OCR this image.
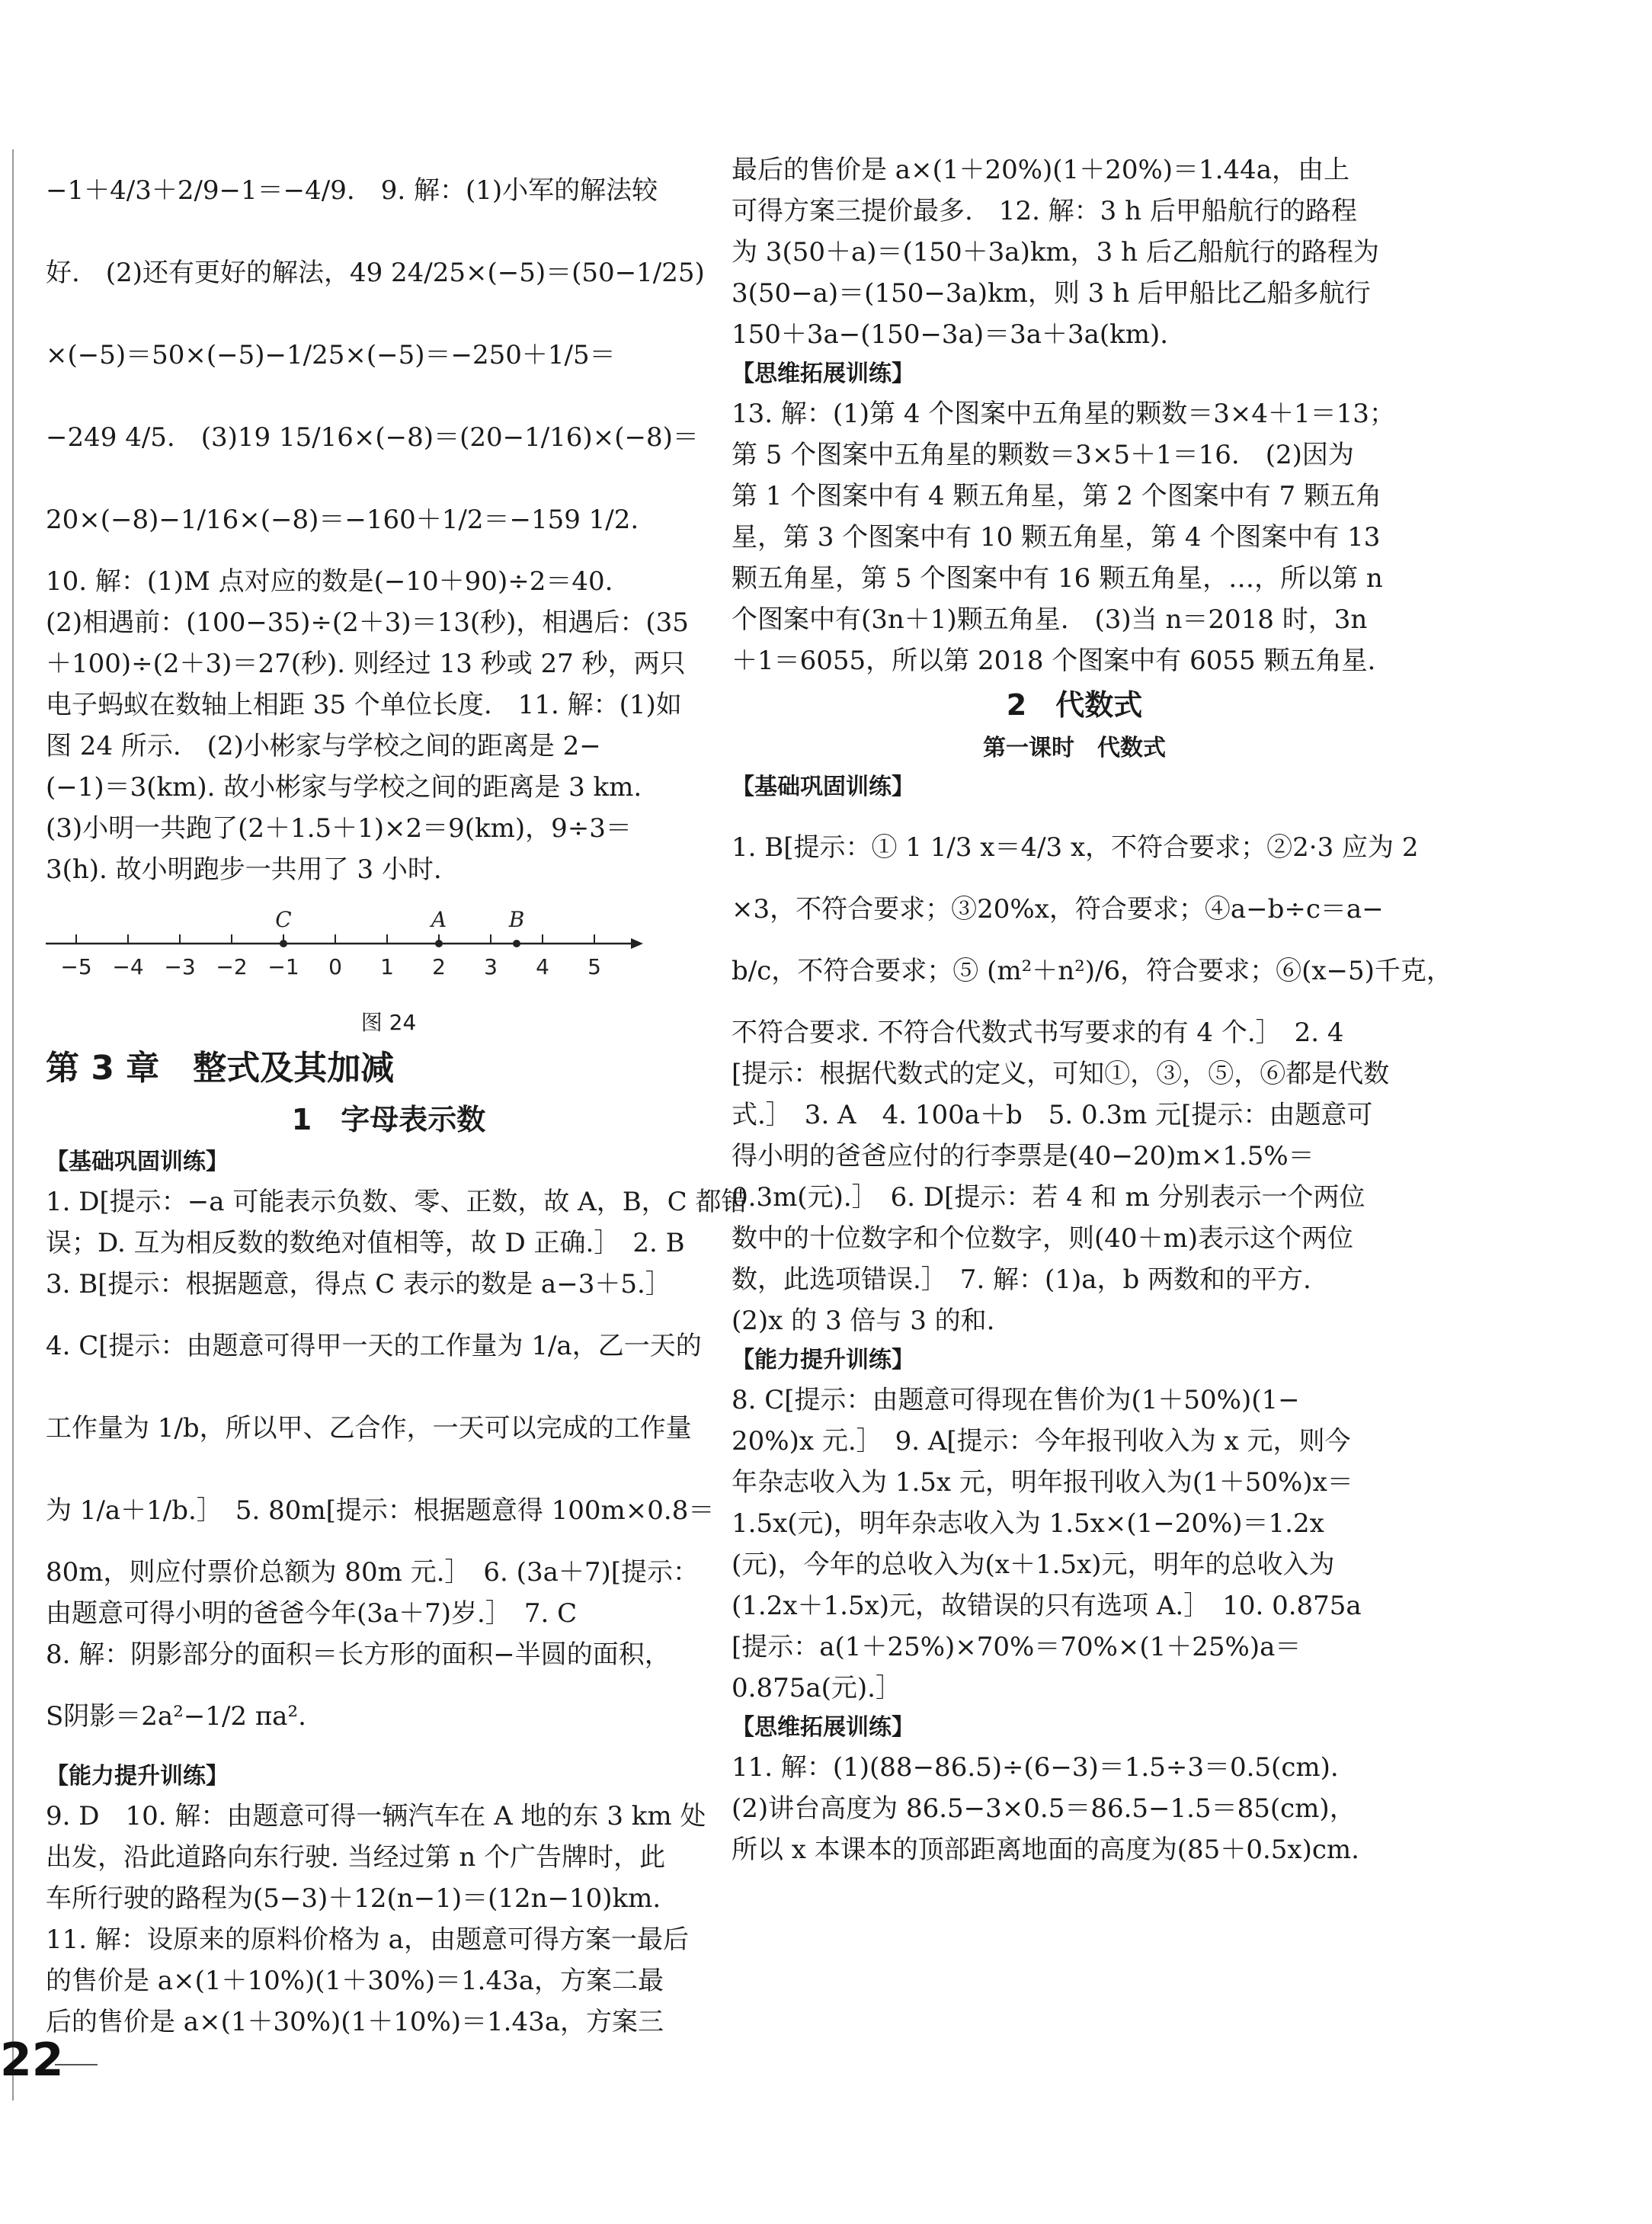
−1＋4/3＋2/9−1＝−4/9.　9. 解：(1)小军的解法较
好.　(2)还有更好的解法，49 24/25×(−5)＝(50−1/25)
×(−5)＝50×(−5)−1/25×(−5)＝−250＋1/5＝
−249 4/5.　(3)19 15/16×(−8)＝(20−1/16)×(−8)＝
20×(−8)−1/16×(−8)＝−160＋1/2＝−159 1/2.
10. 解：(1)M 点对应的数是(−10＋90)÷2＝40.
(2)相遇前：(100−35)÷(2＋3)＝13(秒)，相遇后：(35
＋100)÷(2＋3)＝27(秒). 则经过 13 秒或 27 秒，两只
电子蚂蚁在数轴上相距 35 个单位长度.　11. 解：(1)如
图 24 所示.　(2)小彬家与学校之间的距离是 2−
(−1)＝3(km). 故小彬家与学校之间的距离是 3 km.
(3)小明一共跑了(2＋1.5＋1)×2＝9(km)，9÷3＝
3(h). 故小明跑步一共用了 3 小时.
−5 −4 −3 −2 −1 0 1 2 3 4 5
C	A	B
图 24
第 3 章　整式及其加减
1　字母表示数
【基础巩固训练】
1. D[提示：−a 可能表示负数、零、正数，故 A，B，C 都错
误；D. 互为相反数的数绝对值相等，故 D 正确.］　2. B
3. B[提示：根据题意，得点 C 表示的数是 a−3＋5.］
4. C[提示：由题意可得甲一天的工作量为 1/a，乙一天的
工作量为 1/b，所以甲、乙合作，一天可以完成的工作量
为 1/a＋1/b.］　5. 80m[提示：根据题意得 100m×0.8＝
80m，则应付票价总额为 80m 元.］　6. (3a＋7)[提示：
由题意可得小明的爸爸今年(3a＋7)岁.］　7. C
8. 解：阴影部分的面积＝长方形的面积−半圆的面积，
S阴影＝2a²−1/2 πa².
【能力提升训练】
9. D　10. 解：由题意可得一辆汽车在 A 地的东 3 km 处
出发，沿此道路向东行驶. 当经过第 n 个广告牌时，此
车所行驶的路程为(5−3)＋12(n−1)＝(12n−10)km.
11. 解：设原来的原料价格为 a，由题意可得方案一最后
的售价是 a×(1＋10%)(1＋30%)＝1.43a，方案二最
后的售价是 a×(1＋30%)(1＋10%)＝1.43a，方案三
最后的售价是 a×(1＋20%)(1＋20%)＝1.44a，由上
可得方案三提价最多.　12. 解：3 h 后甲船航行的路程
为 3(50＋a)＝(150＋3a)km，3 h 后乙船航行的路程为
3(50−a)＝(150−3a)km，则 3 h 后甲船比乙船多航行
150＋3a−(150−3a)＝3a＋3a(km).
【思维拓展训练】
13. 解：(1)第 4 个图案中五角星的颗数＝3×4＋1＝13；
第 5 个图案中五角星的颗数＝3×5＋1＝16.　(2)因为
第 1 个图案中有 4 颗五角星，第 2 个图案中有 7 颗五角
星，第 3 个图案中有 10 颗五角星，第 4 个图案中有 13
颗五角星，第 5 个图案中有 16 颗五角星，…，所以第 n
个图案中有(3n＋1)颗五角星.　(3)当 n＝2018 时，3n
＋1＝6055，所以第 2018 个图案中有 6055 颗五角星.
2　代数式
第一课时　代数式
【基础巩固训练】
1. B[提示：① 1 1/3 x＝4/3 x，不符合要求；②2·3 应为 2
×3，不符合要求；③20%x，符合要求；④a−b÷c＝a−
b/c，不符合要求；⑤ (m²＋n²)/6，符合要求；⑥(x−5)千克，
不符合要求. 不符合代数式书写要求的有 4 个.］　2. 4
[提示：根据代数式的定义，可知①，③，⑤，⑥都是代数
式.］　3. A　4. 100a＋b　5. 0.3m 元[提示：由题意可
得小明的爸爸应付的行李票是(40−20)m×1.5%＝
0.3m(元).］　6. D[提示：若 4 和 m 分别表示一个两位
数中的十位数字和个位数字，则(40＋m)表示这个两位
数，此选项错误.］　7. 解：(1)a，b 两数和的平方.
(2)x 的 3 倍与 3 的和.
【能力提升训练】
8. C[提示：由题意可得现在售价为(1＋50%)(1−
20%)x 元.］　9. A[提示：今年报刊收入为 x 元，则今
年杂志收入为 1.5x 元，明年报刊收入为(1＋50%)x＝
1.5x(元)，明年杂志收入为 1.5x×(1−20%)＝1.2x
(元)，今年的总收入为(x＋1.5x)元，明年的总收入为
(1.2x＋1.5x)元，故错误的只有选项 A.］　10. 0.875a
[提示：a(1＋25%)×70%＝70%×(1＋25%)a＝
0.875a(元).］
【思维拓展训练】
11. 解：(1)(88−86.5)÷(6−3)＝1.5÷3＝0.5(cm).
(2)讲台高度为 86.5−3×0.5＝86.5−1.5＝85(cm)，
所以 x 本课本的顶部距离地面的高度为(85＋0.5x)cm.
22
